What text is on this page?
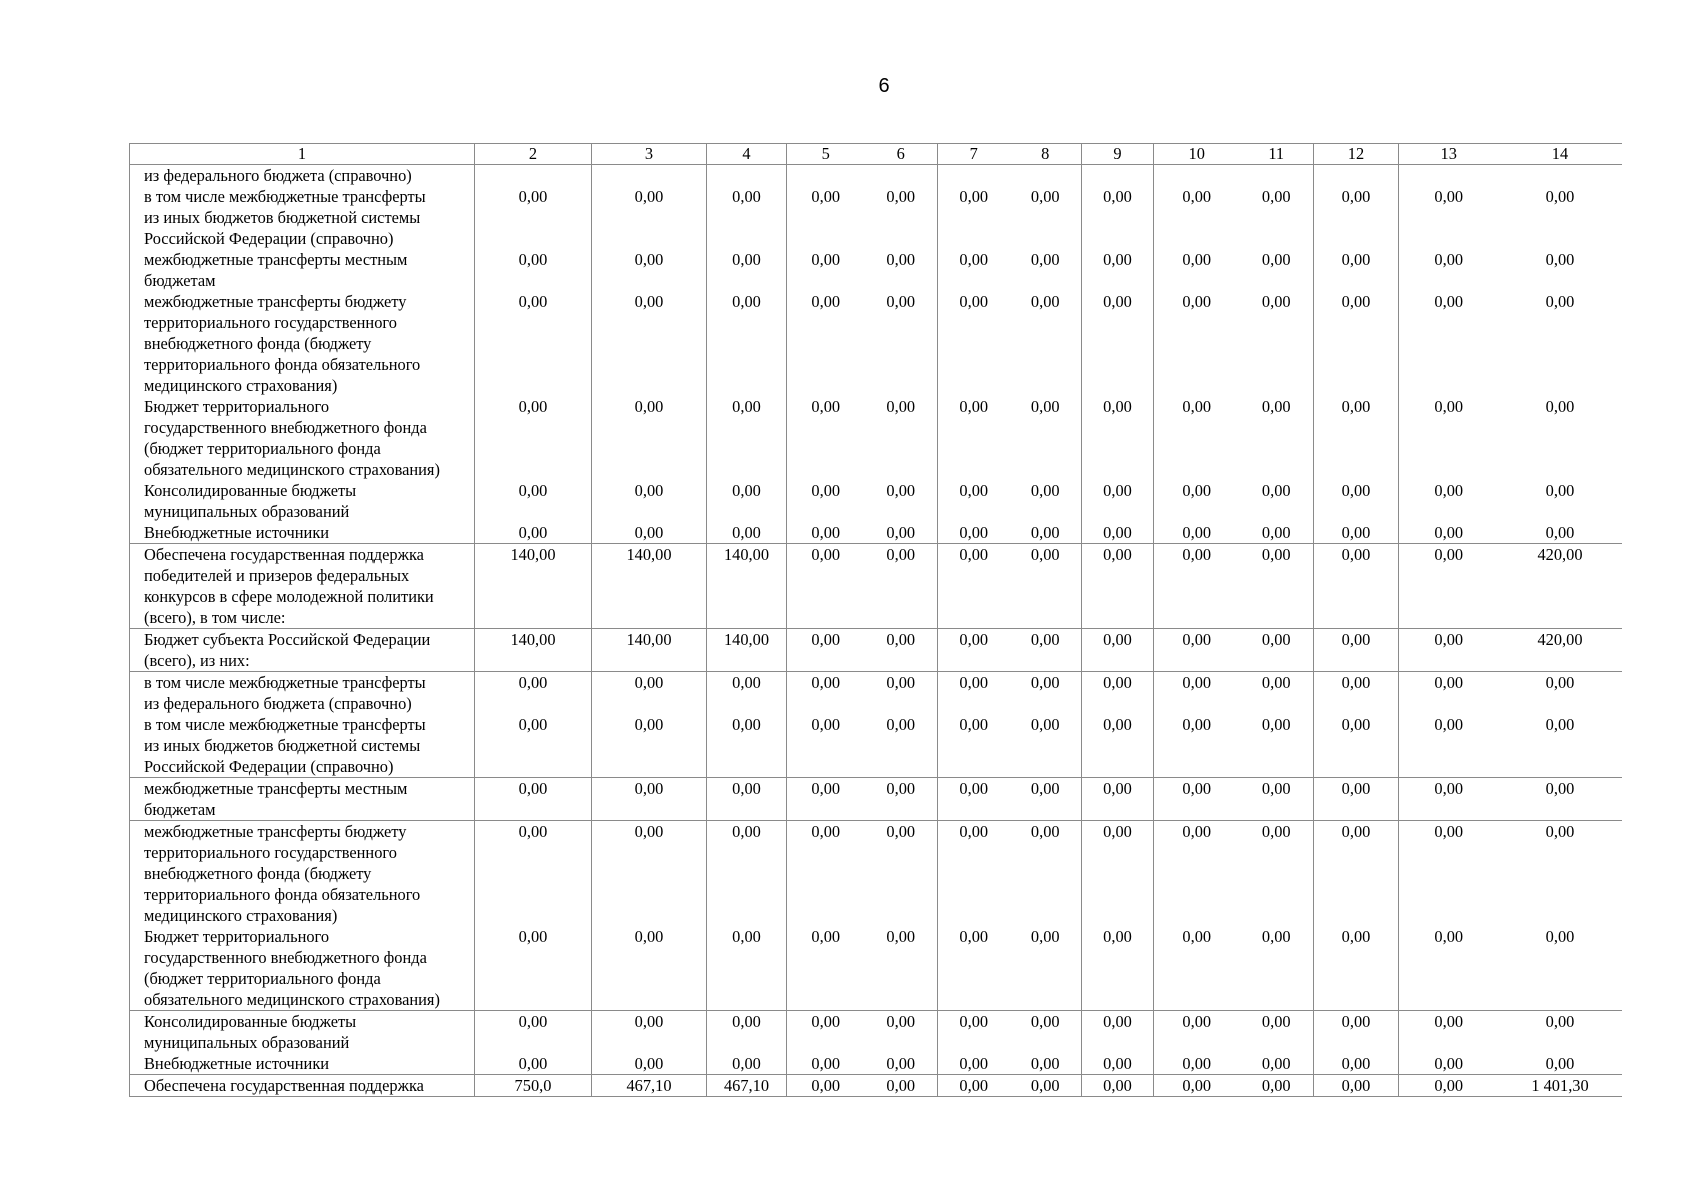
6
1	2	3	4	5	6	7	8	9	10	11	12	13	14

из федерального бюджета (справочно)													

в том числе межбюджетные трансферты
из иных бюджетов бюджетной системы
Российской Федерации (справочно)	0,00	0,00	0,00	0,00	0,00	0,00	0,00	0,00	0,00	0,00	0,00	0,00	0,00

межбюджетные трансферты местным
бюджетам	0,00	0,00	0,00	0,00	0,00	0,00	0,00	0,00	0,00	0,00	0,00	0,00	0,00

межбюджетные трансферты бюджету
территориального государственного
внебюджетного фонда (бюджету
территориального фонда обязательного
медицинского страхования)	0,00	0,00	0,00	0,00	0,00	0,00	0,00	0,00	0,00	0,00	0,00	0,00	0,00

Бюджет территориального
государственного внебюджетного фонда
(бюджет территориального фонда
обязательного медицинского страхования)	0,00	0,00	0,00	0,00	0,00	0,00	0,00	0,00	0,00	0,00	0,00	0,00	0,00

Консолидированные бюджеты
муниципальных образований	0,00	0,00	0,00	0,00	0,00	0,00	0,00	0,00	0,00	0,00	0,00	0,00	0,00

Внебюджетные источники	0,00	0,00	0,00	0,00	0,00	0,00	0,00	0,00	0,00	0,00	0,00	0,00	0,00

Обеспечена государственная поддержка
победителей и призеров федеральных
конкурсов в сфере молодежной политики
(всего), в том числе:	140,00	140,00	140,00	0,00	0,00	0,00	0,00	0,00	0,00	0,00	0,00	0,00	420,00

Бюджет субъекта Российской Федерации
(всего), из них:	140,00	140,00	140,00	0,00	0,00	0,00	0,00	0,00	0,00	0,00	0,00	0,00	420,00

в том числе межбюджетные трансферты
из федерального бюджета (справочно)	0,00	0,00	0,00	0,00	0,00	0,00	0,00	0,00	0,00	0,00	0,00	0,00	0,00

в том числе межбюджетные трансферты
из иных бюджетов бюджетной системы
Российской Федерации (справочно)	0,00	0,00	0,00	0,00	0,00	0,00	0,00	0,00	0,00	0,00	0,00	0,00	0,00

межбюджетные трансферты местным
бюджетам	0,00	0,00	0,00	0,00	0,00	0,00	0,00	0,00	0,00	0,00	0,00	0,00	0,00

межбюджетные трансферты бюджету
территориального государственного
внебюджетного фонда (бюджету
территориального фонда обязательного
медицинского страхования)	0,00	0,00	0,00	0,00	0,00	0,00	0,00	0,00	0,00	0,00	0,00	0,00	0,00

Бюджет территориального
государственного внебюджетного фонда
(бюджет территориального фонда
обязательного медицинского страхования)	0,00	0,00	0,00	0,00	0,00	0,00	0,00	0,00	0,00	0,00	0,00	0,00	0,00

Консолидированные бюджеты
муниципальных образований	0,00	0,00	0,00	0,00	0,00	0,00	0,00	0,00	0,00	0,00	0,00	0,00	0,00

Внебюджетные источники	0,00	0,00	0,00	0,00	0,00	0,00	0,00	0,00	0,00	0,00	0,00	0,00	0,00

Обеспечена государственная поддержка	750,0	467,10	467,10	0,00	0,00	0,00	0,00	0,00	0,00	0,00	0,00	0,00	1 401,30
